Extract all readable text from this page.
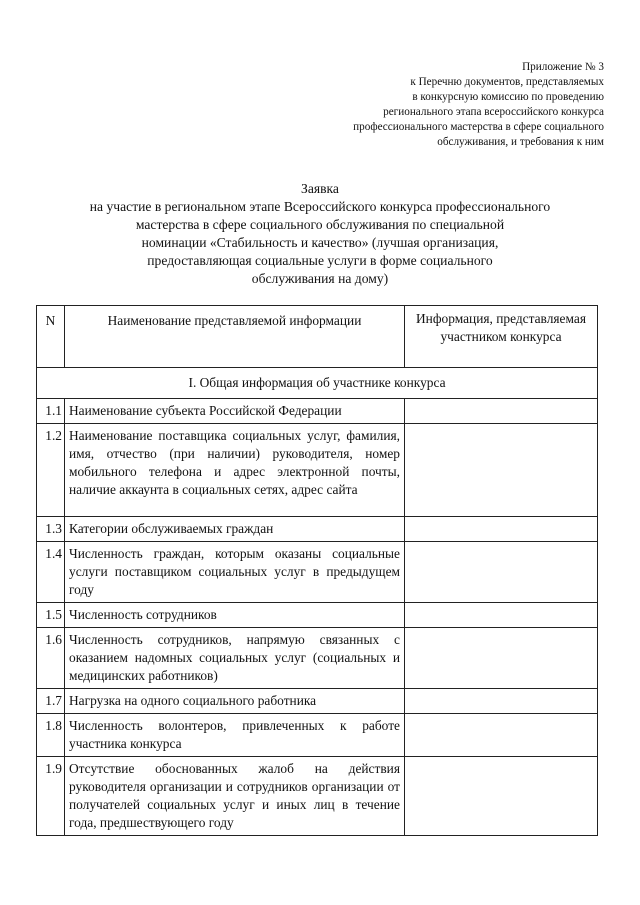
Приложение № 3
к Перечню документов, представляемых
в конкурсную комиссию по проведению
регионального этапа всероссийского конкурса
профессионального мастерства в сфере социального
обслуживания, и требования к ним
Заявка
на участие в региональном этапе Всероссийского конкурса профессионального
мастерства в сфере социального обслуживания по специальной
номинации «Стабильность и качество» (лучшая организация,
предоставляющая социальные услуги в форме социального
обслуживания на дому)
N	Наименование представляемой информации	Информация, представляемая участником конкурса
I. Общая информация об участнике конкурса		
1.1	Наименование субъекта Российской Федерации	
1.2	Наименование поставщика социальных услуг, фамилия, имя, отчество (при наличии) руководителя, номер мобильного телефона и адрес электронной почты, наличие аккаунта в социальных сетях, адрес сайта	
1.3	Категории обслуживаемых граждан	
1.4	Численность граждан, которым оказаны социальные услуги поставщиком социальных услуг в предыдущем году	
1.5	Численность сотрудников	
1.6	Численность сотрудников, напрямую связанных с оказанием надомных социальных услуг (социальных и медицинских работников)	
1.7	Нагрузка на одного социального работника	
1.8	Численность волонтеров, привлеченных к работе участника конкурса	
1.9	Отсутствие обоснованных жалоб на действия руководителя организации и сотрудников организации от получателей социальных услуг и иных лиц в течение года, предшествующего году	
